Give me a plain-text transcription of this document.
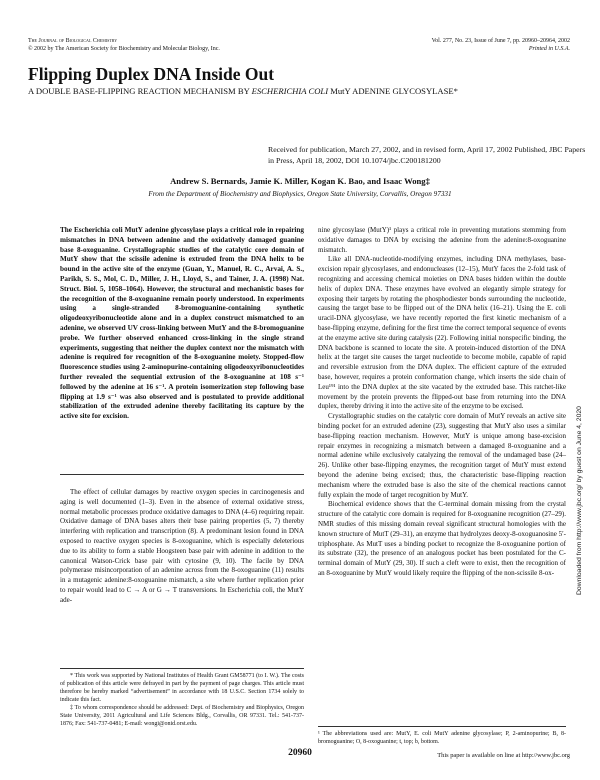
The Journal of Biological Chemistry
© 2002 by The American Society for Biochemistry and Molecular Biology, Inc.
Vol. 277, No. 23, Issue of June 7, pp. 20960–20964, 2002
Printed in U.S.A.
Flipping Duplex DNA Inside Out
A DOUBLE BASE-FLIPPING REACTION MECHANISM BY ESCHERICHIA COLI MutY ADENINE GLYCOSYLASE*
Received for publication, March 27, 2002, and in revised form, April 17, 2002 Published, JBC Papers in Press, April 18, 2002, DOI 10.1074/jbc.C200181200
Andrew S. Bernards, Jamie K. Miller, Kogan K. Bao, and Isaac Wong‡
From the Department of Biochemistry and Biophysics, Oregon State University, Corvallis, Oregon 97331
The Escherichia coli MutY adenine glycosylase plays a critical role in repairing mismatches in DNA between adenine and the oxidatively damaged guanine base 8-oxoguanine. Crystallographic studies of the catalytic core domain of MutY show that the scissile adenine is extruded from the DNA helix to be bound in the active site of the enzyme (Guan, Y., Manuel, R. C., Arvai, A. S., Parikh, S. S., Mol, C. D., Miller, J. H., Lloyd, S., and Tainer, J. A. (1998) Nat. Struct. Biol. 5, 1058–1064). However, the structural and mechanistic bases for the recognition of the 8-oxoguanine remain poorly understood. In experiments using a single-stranded 8-bromoguanine-containing synthetic oligodeoxyribonucleotide alone and in a duplex construct mismatched to an adenine, we observed UV cross-linking between MutY and the 8-bromoguanine probe. We further observed enhanced cross-linking in the single strand experiments, suggesting that neither the duplex context nor the mismatch with adenine is required for recognition of the 8-oxoguanine moiety. Stopped-flow fluorescence studies using 2-aminopurine-containing oligodeoxyribonucleotides further revealed the sequential extrusion of the 8-oxoguanine at 108 s⁻¹ followed by the adenine at 16 s⁻¹. A protein isomerization step following base flipping at 1.9 s⁻¹ was also observed and is postulated to provide additional stabilization of the extruded adenine thereby facilitating its capture by the active site for excision.

The effect of cellular damages by reactive oxygen species in carcinogenesis and aging is well documented (1–3). Even in the absence of external oxidative stress, normal metabolic processes produce oxidative damages to DNA (4–6) requiring repair. Oxidative damage of DNA bases alters their base pairing properties (5, 7) thereby interfering with replication and transcription (8). A predominant lesion found in DNA exposed to reactive oxygen species is 8-oxoguanine, which is especially deleterious due to its ability to form a stable Hoogsteen base pair with adenine in addition to the canonical Watson-Crick base pair with cytosine (9, 10). The facile by DNA polymerase misincorporation of an adenine across from the 8-oxoguanine (11) results in a mutagenic adenine:8-oxoguanine mismatch, a site where further replication prior to repair would lead to C → A or G → T transversions. In Escherichia coli, the MutY ade-

* This work was supported by National Institutes of Health Grant GM58771 (to I. W.). The costs of publication of this article were defrayed in part by the payment of page charges. This article must therefore be hereby marked “advertisement” in accordance with 18 U.S.C. Section 1734 solely to indicate this fact.

‡ To whom correspondence should be addressed: Dept. of Biochemistry and Biophysics, Oregon State University, 2011 Agricultural and Life Sciences Bldg., Corvallis, OR 97331. Tel.: 541-737-1876; Fax: 541-737-0481; E-mail: wongi@onid.orst.edu.

nine glycosylase (MutY)¹ plays a critical role in preventing mutations stemming from oxidative damages to DNA by excising the adenine from the adenine:8-oxoguanine mismatch.

Like all DNA-nucleotide-modifying enzymes, including DNA methylases, base-excision repair glycosylases, and endonucleases (12–15), MutY faces the 2-fold task of recognizing and accessing chemical moieties on DNA bases hidden within the double helix of duplex DNA. These enzymes have evolved an elegantly simple strategy for exposing their targets by rotating the phosphodiester bonds surrounding the nucleotide, causing the target base to be flipped out of the DNA helix (16–21). Using the E. coli uracil-DNA glycosylase, we have recently reported the first kinetic mechanism of a base-flipping enzyme, defining for the first time the correct temporal sequence of events at the enzyme active site during catalysis (22). Following initial nonspecific binding, the DNA backbone is scanned to locate the site. A protein-induced distortion of the DNA helix at the target site causes the target nucleotide to become mobile, capable of rapid and reversible extrusion from the DNA duplex. The efficient capture of the extruded base, however, requires a protein conformation change, which inserts the side chain of Leu¹⁹¹ into the DNA duplex at the site vacated by the extruded base. This ratchet-like movement by the protein prevents the flipped-out base from returning into the DNA duplex, thereby driving it into the active site of the enzyme to be excised.

Crystallographic studies on the catalytic core domain of MutY reveals an active site binding pocket for an extruded adenine (23), suggesting that MutY also uses a similar base-flipping reaction mechanism. However, MutY is unique among base-excision repair enzymes in recognizing a mismatch between a damaged 8-oxoguanine and a normal adenine while exclusively catalyzing the removal of the undamaged base (24–26). Unlike other base-flipping enzymes, the recognition target of MutY must extend beyond the adenine being excised; thus, the characteristic base-flipping reaction mechanism where the extruded base is also the site of the chemical reactions cannot fully explain the mode of target recognition by MutY.

Biochemical evidence shows that the C-terminal domain missing from the crystal structure of the catalytic core domain is required for 8-oxoguanine recognition (27–29). NMR studies of this missing domain reveal significant structural homologies with the known structure of MutT (29–31), an enzyme that hydrolyzes deoxy-8-oxoguanosine 5′-triphosphate. As MutT uses a binding pocket to recognize the 8-oxoguanine portion of its substrate (32), the presence of an analogous pocket has been postulated for the C-terminal domain of MutY (29, 30). If such a cleft were to exist, then the recognition of an 8-oxoguanine by MutY would likely require the flipping of the non-scissile 8-ox-

¹ The abbreviations used are: MutY, E. coli MutY adenine glycosylase; P, 2-aminopurine; B, 8-bromoguanine; O, 8-oxoguanine; t, top; b, bottom.
20960	This paper is available on line at http://www.jbc.org
Downloaded from http://www.jbc.org/ by guest on June 4, 2020
